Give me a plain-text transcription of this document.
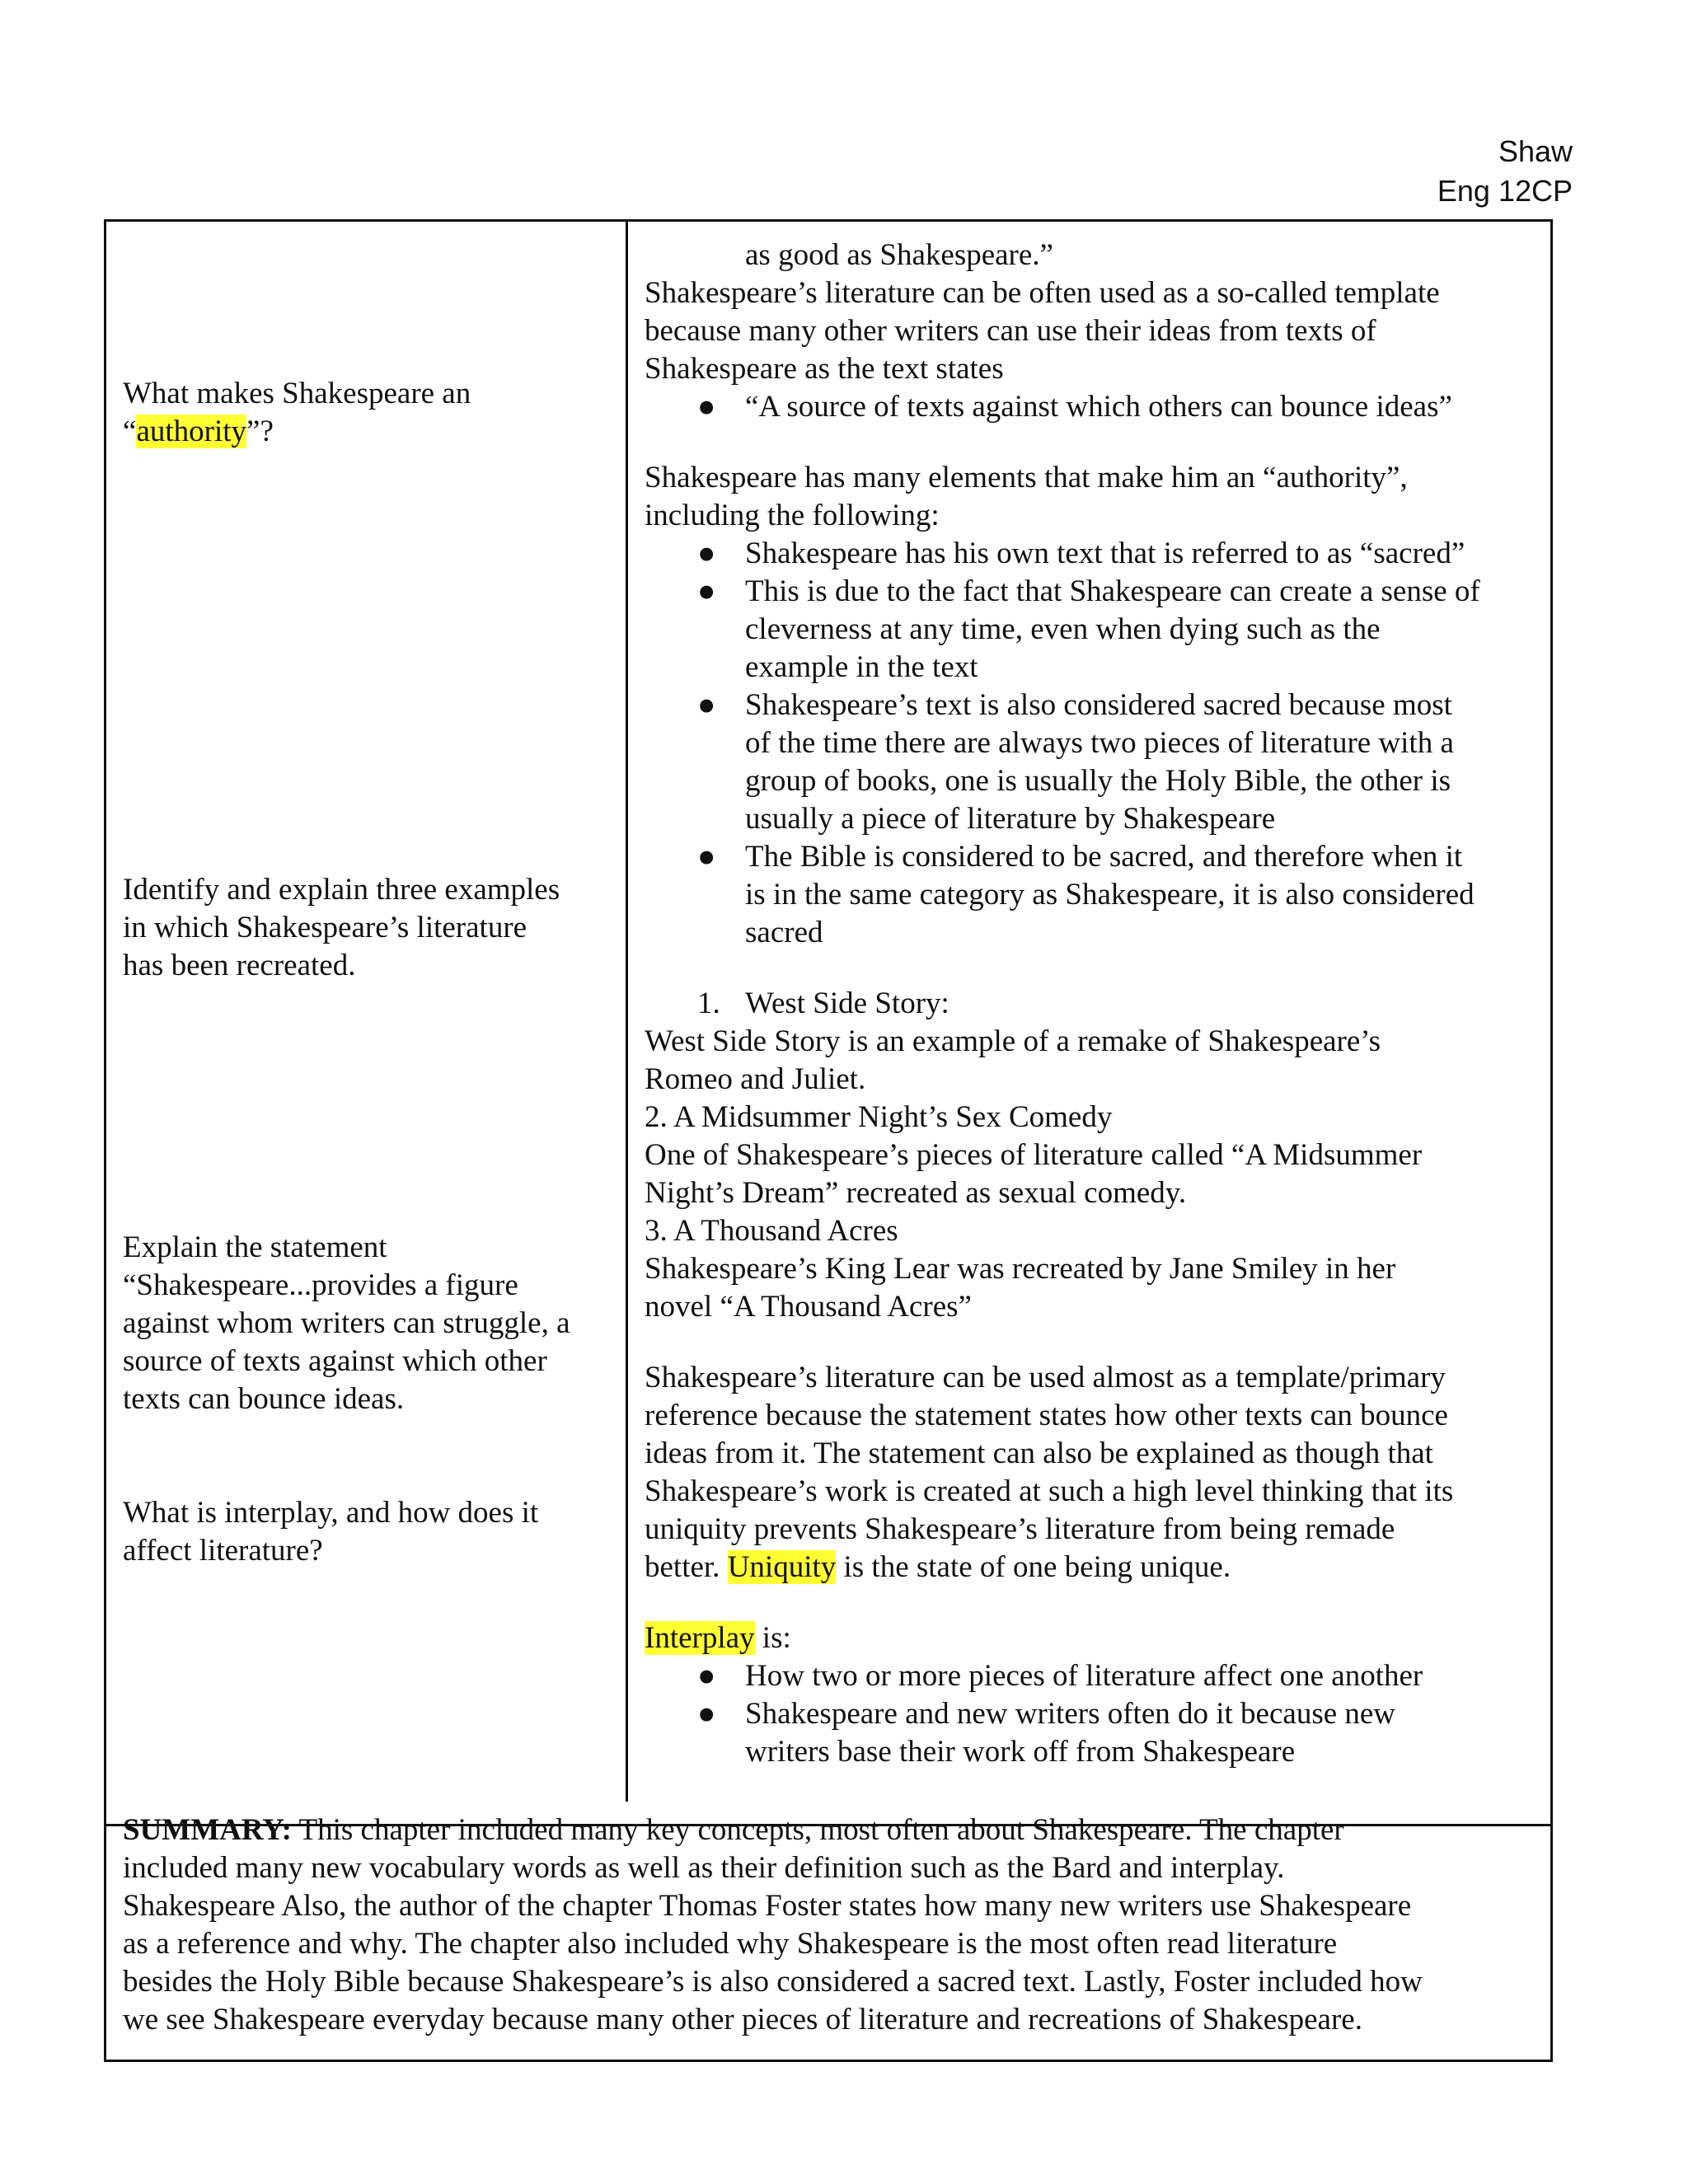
Shaw
Eng 12CP
What makes Shakespeare an
“authority”?
Identify and explain three examples
in which Shakespeare’s literature
has been recreated.
Explain the statement
“Shakespeare...provides a figure
against whom writers can struggle, a
source of texts against which other
texts can bounce ideas.
What is interplay, and how does it
affect literature?
as good as Shakespeare.”
Shakespeare’s literature can be often used as a so-called template
because many other writers can use their ideas from texts of
Shakespeare as the text states
● “A source of texts against which others can bounce ideas”
Shakespeare has many elements that make him an “authority”,
including the following:
● Shakespeare has his own text that is referred to as “sacred”
● This is due to the fact that Shakespeare can create a sense of
cleverness at any time, even when dying such as the
example in the text
● Shakespeare’s text is also considered sacred because most
of the time there are always two pieces of literature with a
group of books, one is usually the Holy Bible, the other is
usually a piece of literature by Shakespeare
● The Bible is considered to be sacred, and therefore when it
is in the same category as Shakespeare, it is also considered
sacred
1. West Side Story:
West Side Story is an example of a remake of Shakespeare’s
Romeo and Juliet.
2. A Midsummer Night’s Sex Comedy
One of Shakespeare’s pieces of literature called “A Midsummer
Night’s Dream” recreated as sexual comedy.
3. A Thousand Acres
Shakespeare’s King Lear was recreated by Jane Smiley in her
novel “A Thousand Acres”
Shakespeare’s literature can be used almost as a template/primary
reference because the statement states how other texts can bounce
ideas from it. The statement can also be explained as though that
Shakespeare’s work is created at such a high level thinking that its
uniquity prevents Shakespeare’s literature from being remade
better. Uniquity is the state of one being unique.
Interplay is:
● How two or more pieces of literature affect one another
● Shakespeare and new writers often do it because new
writers base their work off from Shakespeare
SUMMARY: This chapter included many key concepts, most often about Shakespeare. The chapter
included many new vocabulary words as well as their definition such as the Bard and interplay.
Shakespeare Also, the author of the chapter Thomas Foster states how many new writers use Shakespeare
as a reference and why. The chapter also included why Shakespeare is the most often read literature
besides the Holy Bible because Shakespeare’s is also considered a sacred text. Lastly, Foster included how
we see Shakespeare everyday because many other pieces of literature and recreations of Shakespeare.
